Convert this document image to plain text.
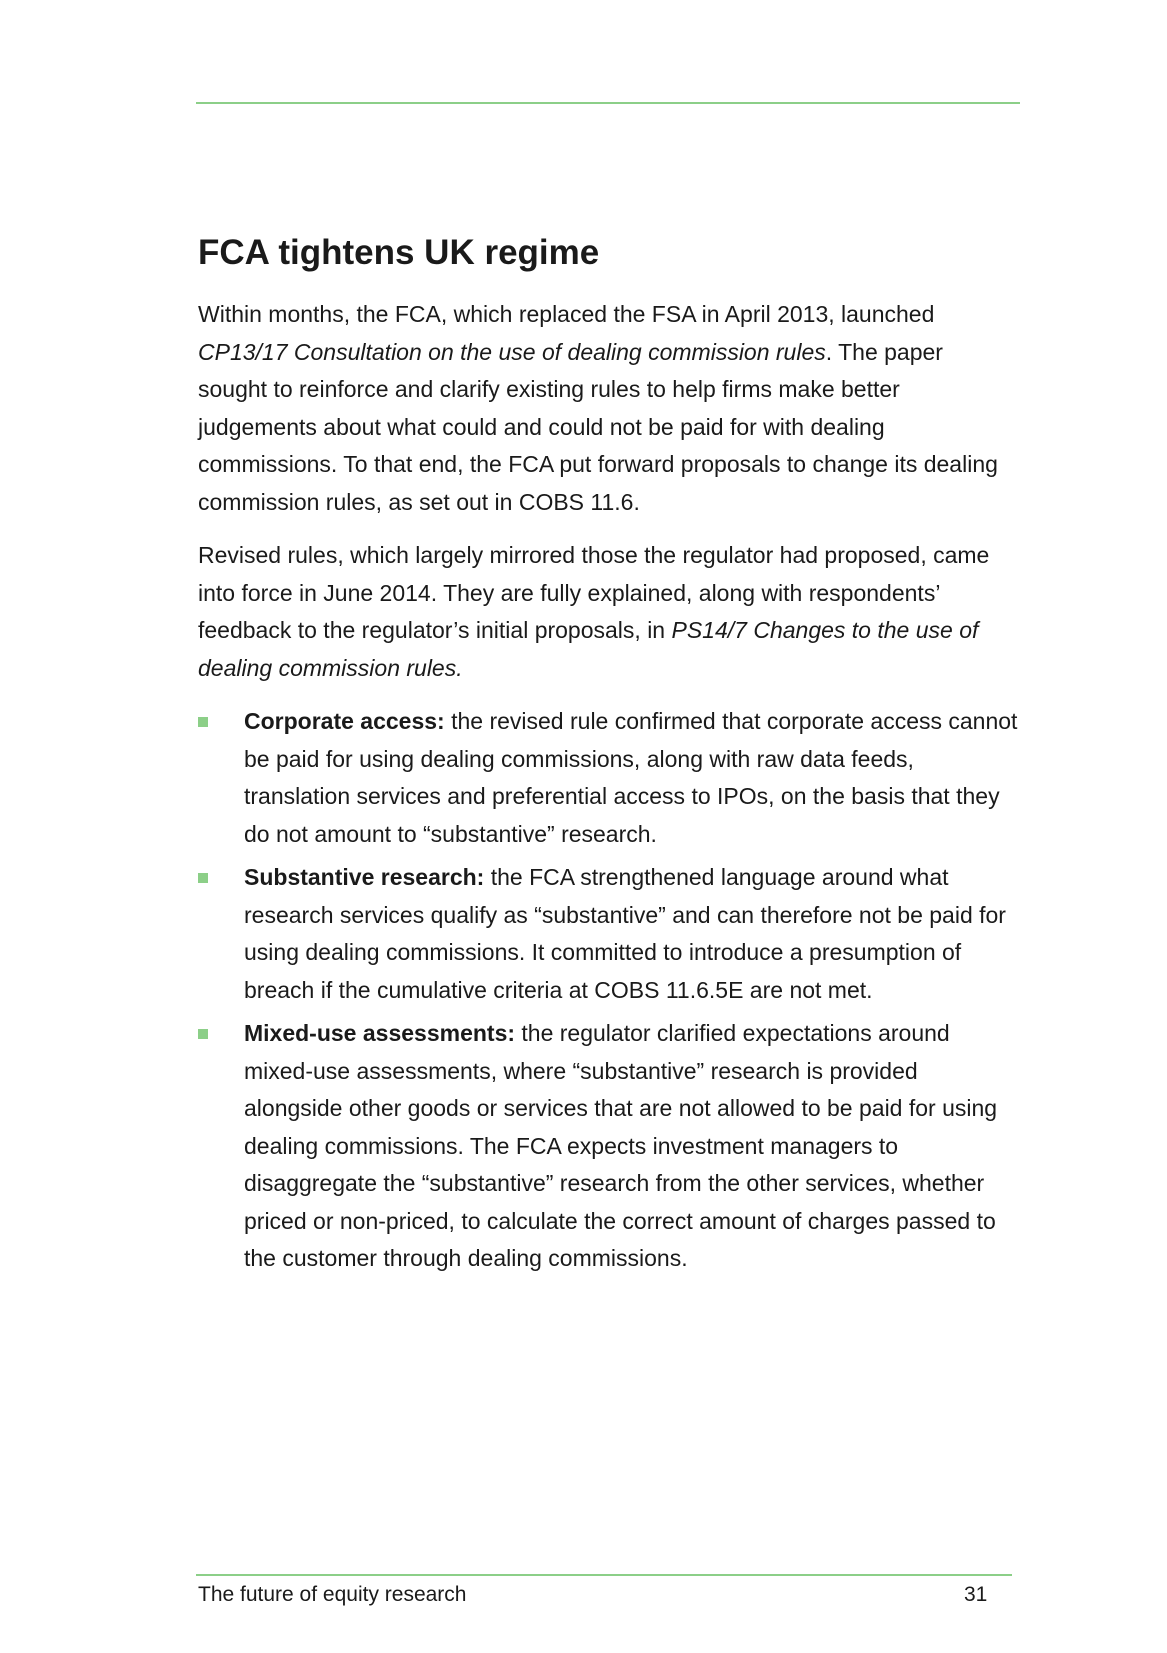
FCA tightens UK regime

Within months, the FCA, which replaced the FSA in April 2013, launched CP13/17 Consultation on the use of dealing commission rules. The paper sought to reinforce and clarify existing rules to help firms make better judgements about what could and could not be paid for with dealing commissions. To that end, the FCA put forward proposals to change its dealing commission rules, as set out in COBS 11.6.

Revised rules, which largely mirrored those the regulator had proposed, came into force in June 2014. They are fully explained, along with respondents’ feedback to the regulator’s initial proposals, in PS14/7 Changes to the use of dealing commission rules.

Corporate access: the revised rule confirmed that corporate access cannot be paid for using dealing commissions, along with raw data feeds, translation services and preferential access to IPOs, on the basis that they do not amount to “substantive” research.
Substantive research: the FCA strengthened language around what research services qualify as “substantive” and can therefore not be paid for using dealing commissions. It committed to introduce a presumption of breach if the cumulative criteria at COBS 11.6.5E are not met.
Mixed-use assessments: the regulator clarified expectations around mixed-use assessments, where “substantive” research is provided alongside other goods or services that are not allowed to be paid for using dealing commissions. The FCA expects investment managers to disaggregate the “substantive” research from the other services, whether priced or non-priced, to calculate the correct amount of charges passed to the customer through dealing commissions.
The future of equity research	31
